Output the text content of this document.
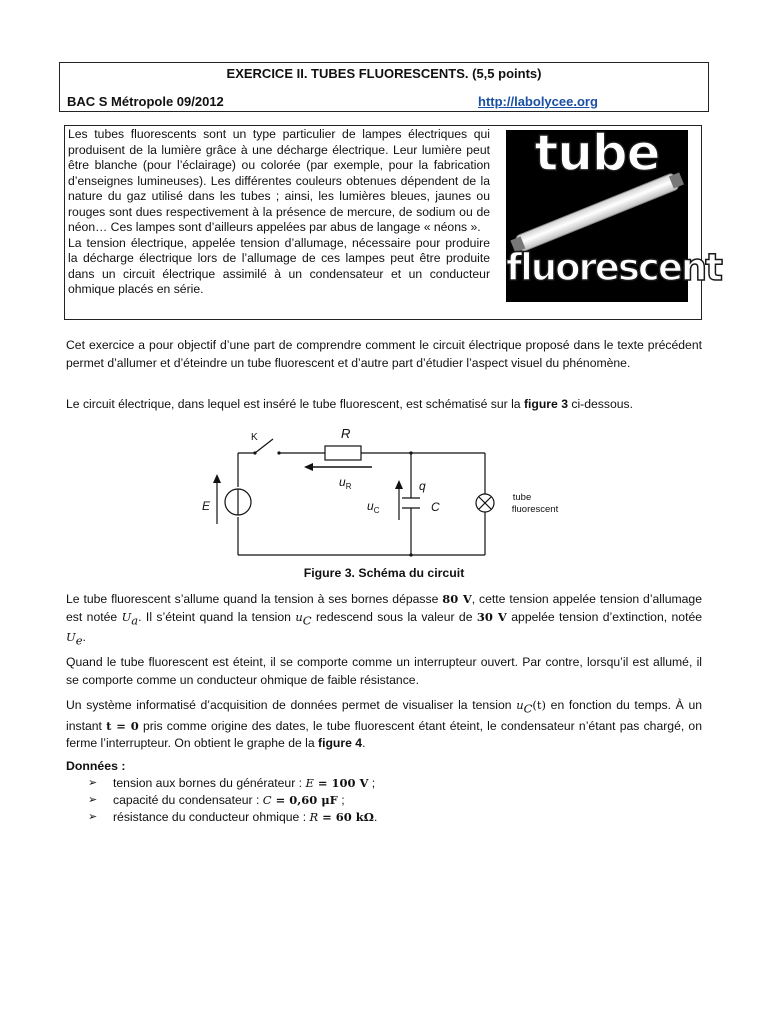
EXERCICE II. TUBES FLUORESCENTS. (5,5 points)
BAC S Métropole 09/2012	http://labolycee.org

Les tubes fluorescents sont un type particulier de lampes électriques qui produisent de la lumière grâce à une décharge électrique. Leur lumière peut être blanche (pour l’éclairage) ou colorée (par exemple, pour la fabrication d’enseignes lumineuses). Les différentes couleurs obtenues dépendent de la nature du gaz utilisé dans les tubes ; ainsi, les lumières bleues, jaunes ou rouges sont dues respectivement à la présence de mercure, de sodium ou de néon… Ces lampes sont d’ailleurs appelées par abus de langage « néons ».

La tension électrique, appelée tension d’allumage, nécessaire pour produire la décharge électrique lors de l’allumage de ces lampes peut être produite dans un circuit électrique assimilé à un condensateur et un conducteur ohmique placés en série.

tube
fluorescent

Cet exercice a pour objectif d’une part de comprendre comment le circuit électrique proposé dans le texte précédent permet d’allumer et d’éteindre un tube fluorescent et d’autre part d’étudier l’aspect visuel du phénomène.

Le circuit électrique, dans lequel est inséré le tube fluorescent, est schématisé sur la figure 3 ci-dessous.

K	R
$u_R$	q
$u_C$	C
E
tube
fluorescent
Figure 3. Schéma du circuit

Le tube fluorescent s’allume quand la tension à ses bornes dépasse 80 V, cette tension appelée tension d’allumage est notée $U_a$. Il s’éteint quand la tension $u_C$ redescend sous la valeur de 30 V appelée tension d’extinction, notée $U_e$.

Quand le tube fluorescent est éteint, il se comporte comme un interrupteur ouvert. Par contre, lorsqu’il est allumé, il se comporte comme un conducteur ohmique de faible résistance.

Un système informatisé d’acquisition de données permet de visualiser la tension $u_C(t)$ en fonction du temps. À un instant t = 0 pris comme origine des dates, le tube fluorescent étant éteint, le condensateur n’étant pas chargé, on ferme l’interrupteur. On obtient le graphe de la figure 4.

Données :
➢ tension aux bornes du générateur : E = 100 V ;
➢ capacité du condensateur : C = 0,60 μF ;
➢ résistance du conducteur ohmique : R = 60 kΩ.
